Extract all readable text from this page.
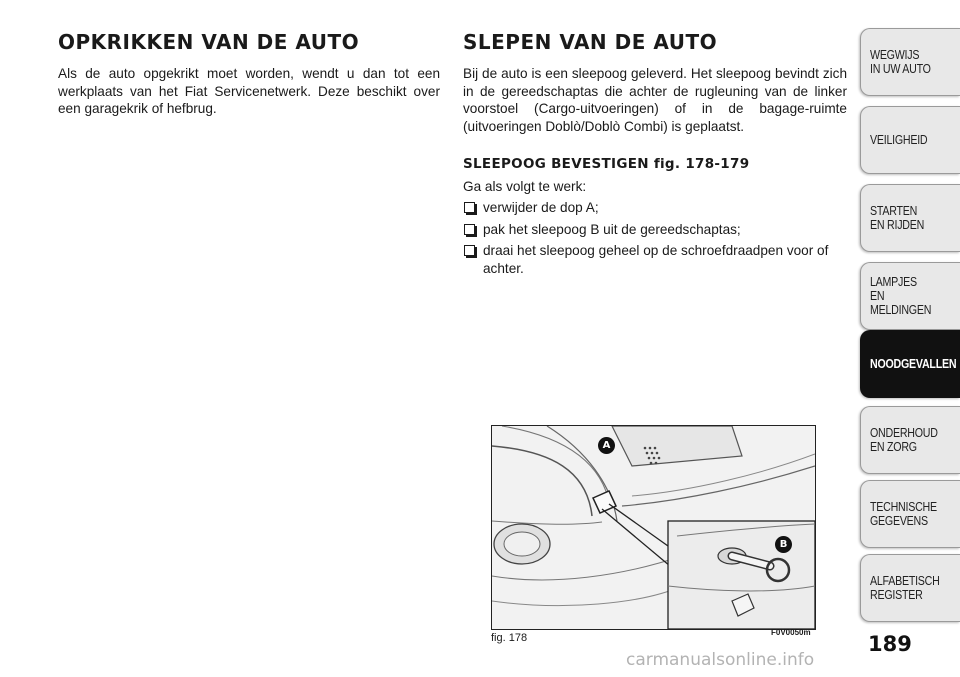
OPKRIKKEN VAN DE AUTO

Als de auto opgekrikt moet worden, wendt u dan tot een werkplaats van het Fiat Servicenetwerk. Deze beschikt over een garagekrik of hefbrug.

SLEPEN VAN DE AUTO

Bij de auto is een sleepoog geleverd. Het sleepoog bevindt zich in de gereedschaptas die achter de rugleuning van de linker voorstoel (Cargo-uitvoeringen) of in de bagage-ruimte (uitvoeringen Doblò/Doblò Combi) is geplaatst.

SLEEPOOG BEVESTIGEN fig. 178-179

Ga als volgt te werk:

verwijder de dop A;
pak het sleepoog B uit de gereedschaptas;
draai het sleepoog geheel op de schroefdraadpen voor of achter.
A
B
fig. 178	F0V0050m
WEGWIJS
IN UW AUTO
VEILIGHEID
STARTEN
EN RIJDEN
LAMPJES
EN MELDINGEN
NOODGEVALLEN
ONDERHOUD
EN ZORG
TECHNISCHE
GEGEVENS
ALFABETISCH
REGISTER
189
carmanualsonline.info
